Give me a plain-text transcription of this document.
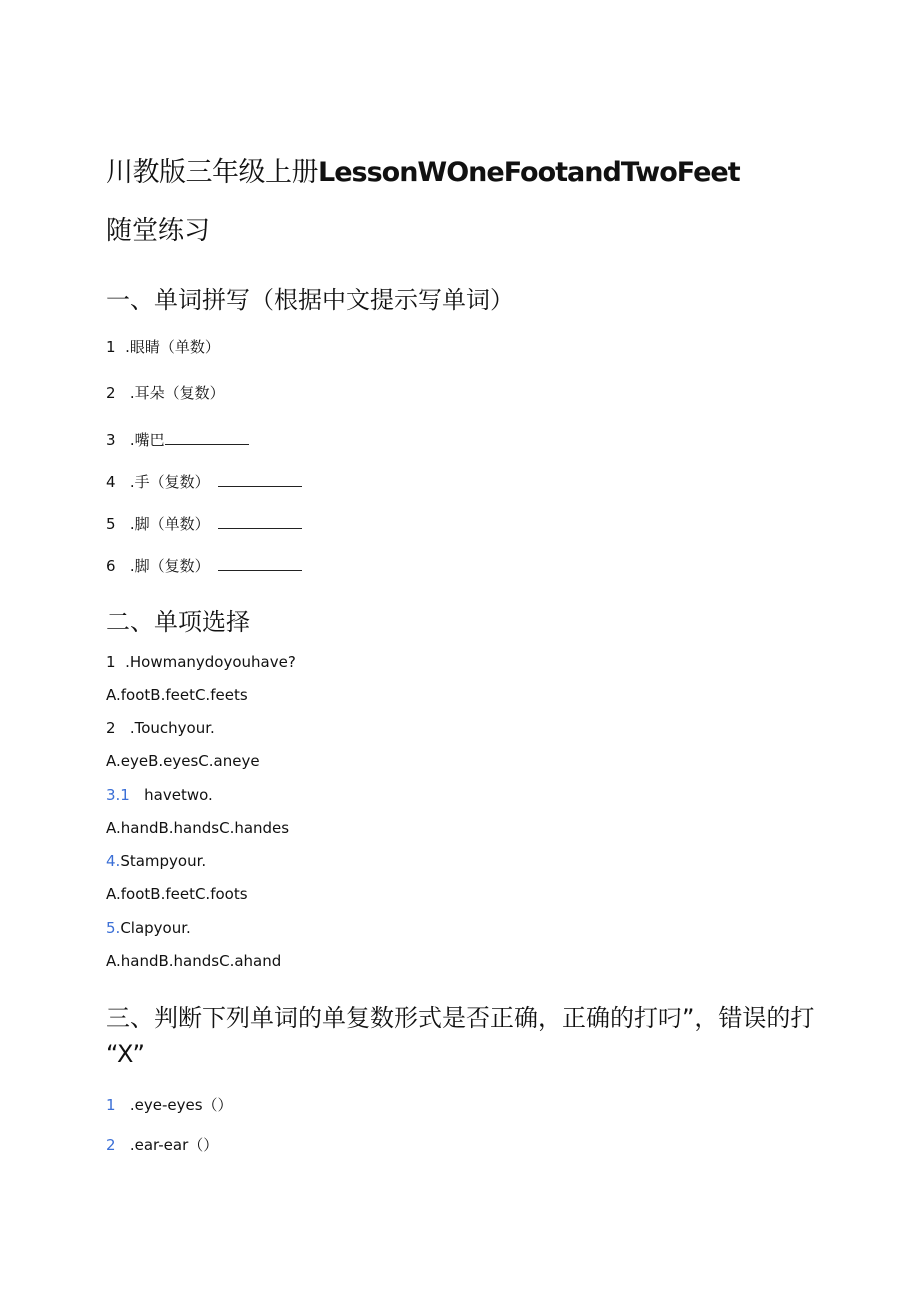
川教版三年级上册LessonWOneFootandTwoFeet
随堂练习
一、单词拼写（根据中文提示写单词）
1 .眼睛（单数）
2 .耳朵（复数）
3 .嘴巴
4 .手（复数）
5 .脚（单数）
6 .脚（复数）
二、单项选择
1 .Howmanydoyouhave?
A.footB.feetC.feets
2 .Touchyour.
A.eyeB.eyesC.aneye
3.1 havetwo.
A.handB.handsC.handes
4.Stampyour.
A.footB.feetC.foots
5.Clapyour.
A.handB.handsC.ahand
三、判断下列单词的单复数形式是否正确，正确的打叼”，错误的打
“X”
1 .eye-eyes（）
2 .ear-ear（）
